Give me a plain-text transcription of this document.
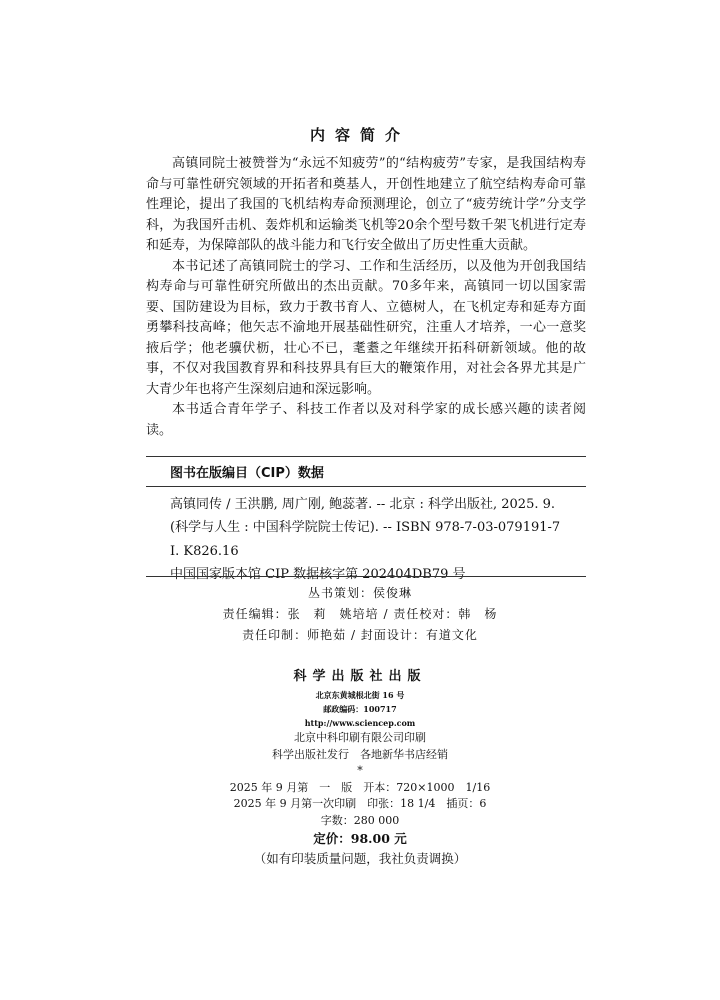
内容简介

高镇同院士被赞誉为“永远不知疲劳”的“结构疲劳”专家，是我国结构寿命与可靠性研究领域的开拓者和奠基人，开创性地建立了航空结构寿命可靠性理论，提出了我国的飞机结构寿命预测理论，创立了“疲劳统计学”分支学科，为我国歼击机、轰炸机和运输类飞机等20余个型号数千架飞机进行定寿和延寿，为保障部队的战斗能力和飞行安全做出了历史性重大贡献。

本书记述了高镇同院士的学习、工作和生活经历，以及他为开创我国结构寿命与可靠性研究所做出的杰出贡献。70多年来，高镇同一切以国家需要、国防建设为目标，致力于教书育人、立德树人，在飞机定寿和延寿方面勇攀科技高峰；他矢志不渝地开展基础性研究，注重人才培养，一心一意奖掖后学；他老骥伏枥，壮心不已，耄耋之年继续开拓科研新领域。他的故事，不仅对我国教育界和科技界具有巨大的鞭策作用，对社会各界尤其是广大青少年也将产生深刻启迪和深远影响。

本书适合青年学子、科技工作者以及对科学家的成长感兴趣的读者阅读。

图书在版编目（CIP）数据
高镇同传 / 王洪鹏, 周广刚, 鲍蕊著. -- 北京 : 科学出版社, 2025. 9.
(科学与人生 : 中国科学院院士传记). -- ISBN 978-7-03-079191-7
Ⅰ. K826.16
中国国家版本馆 CIP 数据核字第 202404DB79 号
丛书策划：侯俊琳
责任编辑：张　莉　姚培培 / 责任校对：韩　杨
责任印制：师艳茹 / 封面设计：有道文化
科学出版社出版
北京东黄城根北街 16 号
邮政编码：100717
http://www.sciencep.com
北京中科印刷有限公司印刷
科学出版社发行　各地新华书店经销
*
2025 年 9 月第　一　版　开本：720×1000　1/16
2025 年 9 月第一次印刷　印张：18 1/4　插页：6
字数：280 000
定价：98.00 元
（如有印装质量问题，我社负责调换）
